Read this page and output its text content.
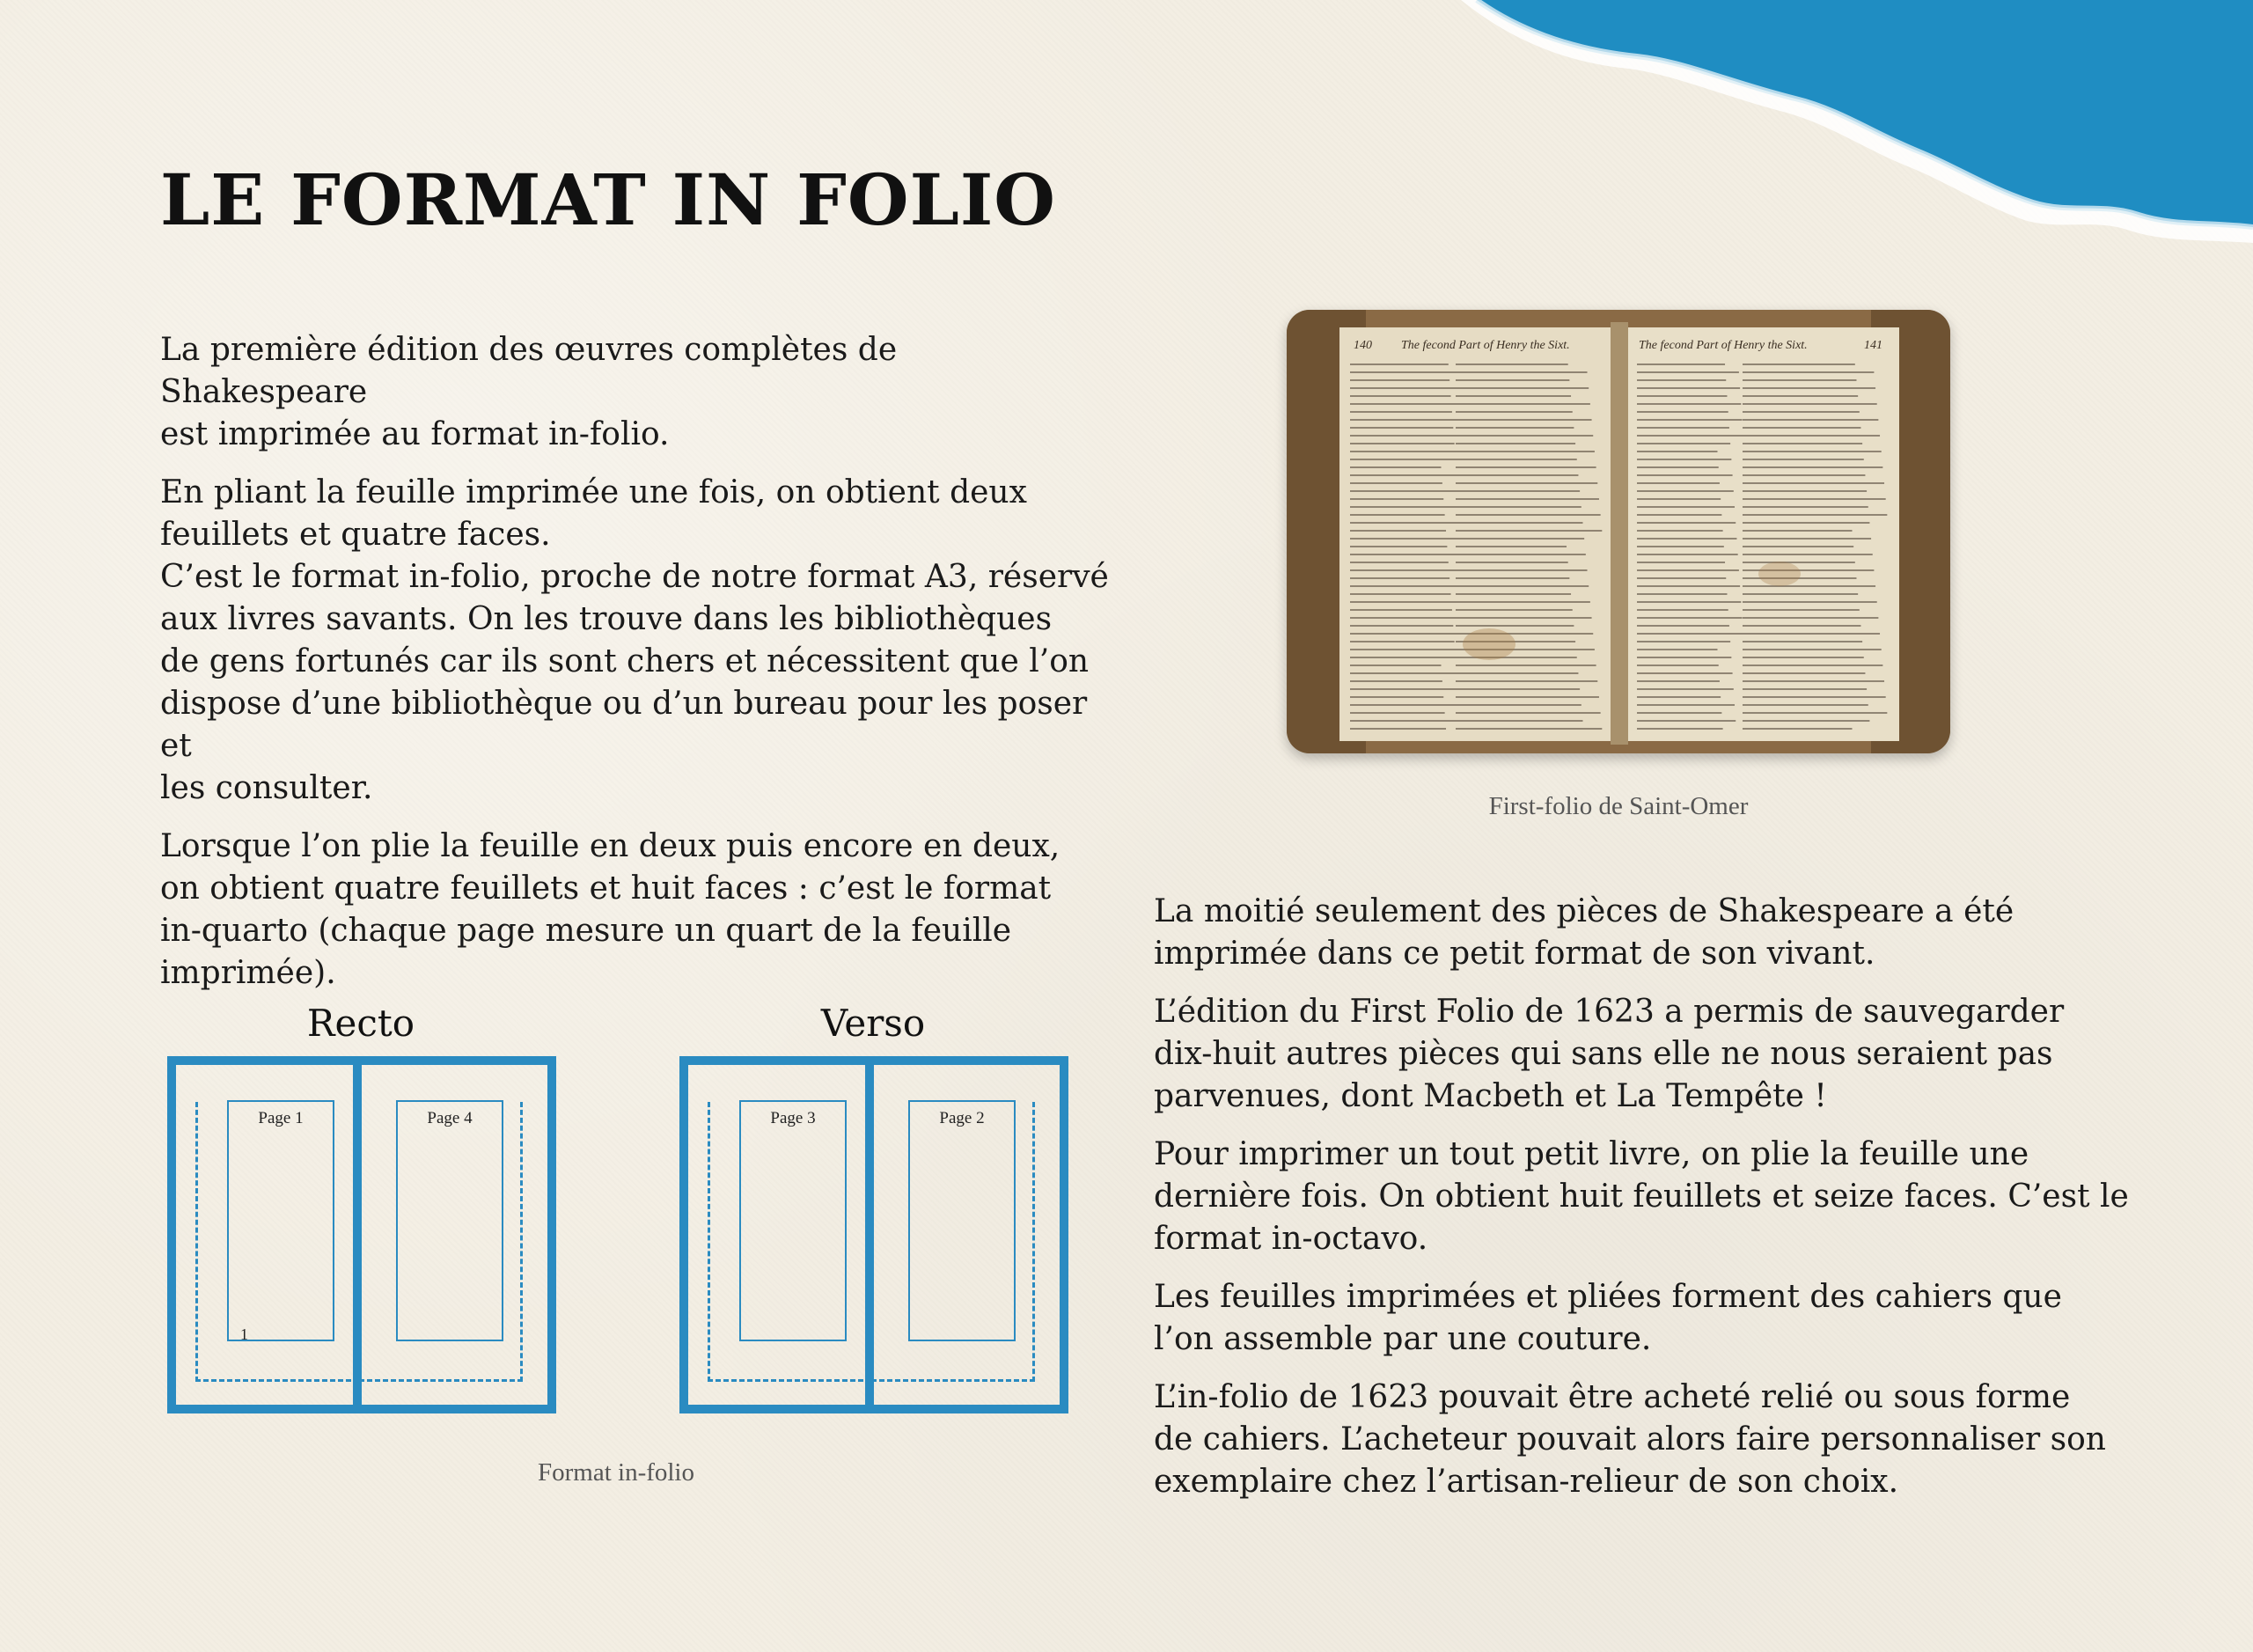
LE FORMAT IN FOLIO

La première édition des œuvres complètes de Shakespeare
est imprimée au format in-folio.

En pliant la feuille imprimée une fois, on obtient deux
feuillets et quatre faces.
C’est le format in-folio, proche de notre format A3, réservé
aux livres savants. On les trouve dans les bibliothèques
de gens fortunés car ils sont chers et nécessitent que l’on
dispose d’une bibliothèque ou d’un bureau pour les poser et
les consulter.

Lorsque l’on plie la feuille en deux puis encore en deux,
on obtient quatre feuillets et huit faces : c’est le format
in-quarto (chaque page mesure un quart de la feuille
imprimée).

140 The fecond Part of Henry the Sixt.	The fecond Part of Henry the Sixt.	141
First-folio de Saint-Omer

La moitié seulement des pièces de Shakespeare a été
imprimée dans ce petit format de son vivant.

L’édition du First Folio de 1623 a permis de sauvegarder
dix-huit autres pièces qui sans elle ne nous seraient pas
parvenues, dont Macbeth et La Tempête !

Pour imprimer un tout petit livre, on plie la feuille une
dernière fois. On obtient huit feuillets et seize faces. C’est le
format in-octavo.

Les feuilles imprimées et pliées forment des cahiers que
l’on assemble par une couture.

L’in-folio de 1623 pouvait être acheté relié ou sous forme
de cahiers. L’acheteur pouvait alors faire personnaliser son
exemplaire chez l’artisan-relieur de son choix.

Recto	Verso
Page 1	Page 4
1
Page 3	Page 2
Format in-folio
